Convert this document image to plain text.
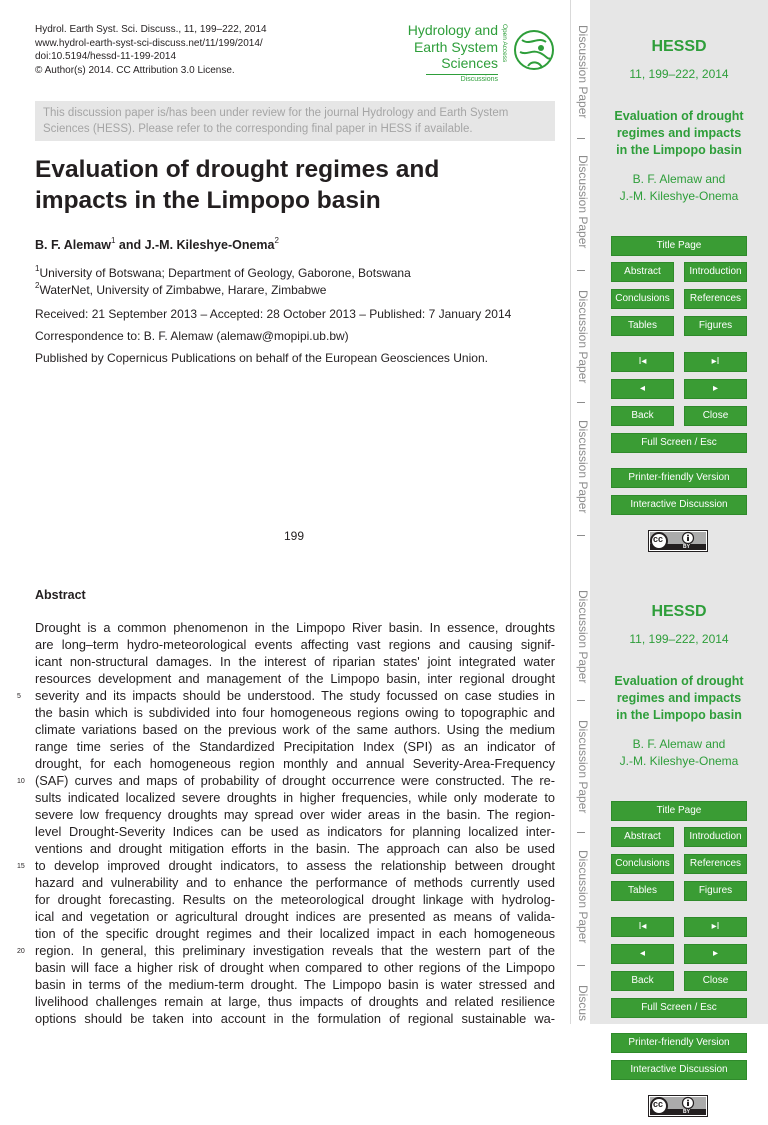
Hydrol. Earth Syst. Sci. Discuss., 11, 199–222, 2014
www.hydrol-earth-syst-sci-discuss.net/11/199/2014/
doi:10.5194/hessd-11-199-2014
© Author(s) 2014. CC Attribution 3.0 License.
Hydrology and
Earth System
Sciences
Discussions
Open Access
This discussion paper is/has been under review for the journal Hydrology and Earth System Sciences (HESS). Please refer to the corresponding final paper in HESS if available.
Evaluation of drought regimes and impacts in the Limpopo basin
B. F. Alemaw$^1$ and J.-M. Kileshye-Onema$^2$
$^1$University of Botswana; Department of Geology, Gaborone, Botswana
$^2$WaterNet, University of Zimbabwe, Harare, Zimbabwe
Received: 21 September 2013 – Accepted: 28 October 2013 – Published: 7 January 2014
Correspondence to: B. F. Alemaw (alemaw@mopipi.ub.bw)
Published by Copernicus Publications on behalf of the European Geosciences Union.
199
Abstract
Drought is a common phenomenon in the Limpopo River basin. In essence, droughts
are long–term hydro-meteorological events affecting vast regions and causing signif-
icant non-structural damages. In the interest of riparian states' joint integrated water
resources development and management of the Limpopo basin, inter regional drought
severity and its impacts should be understood. The study focussed on case studies in
5
the basin which is subdivided into four homogeneous regions owing to topographic and
climate variations based on the previous work of the same authors. Using the medium
range time series of the Standardized Precipitation Index (SPI) as an indicator of
drought, for each homogeneous region monthly and annual Severity-Area-Frequency
(SAF) curves and maps of probability of drought occurrence were constructed. The re-
10
sults indicated localized severe droughts in higher frequencies, while only moderate to
severe low frequency droughts may spread over wider areas in the basin. The region-
level Drought-Severity Indices can be used as indicators for planning localized inter-
ventions and drought mitigation efforts in the basin. The approach can also be used
to develop improved drought indicators, to assess the relationship between drought
15
hazard and vulnerability and to enhance the performance of methods currently used
for drought forecasting. Results on the meteorological drought linkage with hydrolog-
ical and vegetation or agricultural drought indices are presented as means of valida-
tion of the specific drought regimes and their localized impact in each homogeneous
region. In general, this preliminary investigation reveals that the western part of the
20
basin will face a higher risk of drought when compared to other regions of the Limpopo
basin in terms of the medium-term drought. The Limpopo basin is water stressed and
livelihood challenges remain at large, thus impacts of droughts and related resilience
options should be taken into account in the formulation of regional sustainable wa-
Discussion Paper
Discussion Paper
Discussion Paper
Discussion Paper
Discussion Paper
Discussion Paper
Discussion Paper
Discus
HESSD
11, 199–222, 2014
Evaluation of drought
regimes and impacts
in the Limpopo basin
B. F. Alemaw and
J.-M. Kileshye-Onema
Title Page
Abstract	Introduction
Conclusions	References
Tables	Figures
I◂	▸I
◂	▸
Back	Close
Full Screen / Esc
Printer-friendly Version
Interactive Discussion
cc
BY
HESSD
11, 199–222, 2014
Evaluation of drought
regimes and impacts
in the Limpopo basin
B. F. Alemaw and
J.-M. Kileshye-Onema
Title Page
Abstract	Introduction
Conclusions	References
Tables	Figures
I◂	▸I
◂	▸
Back	Close
Full Screen / Esc
Printer-friendly Version
Interactive Discussion
cc
BY
